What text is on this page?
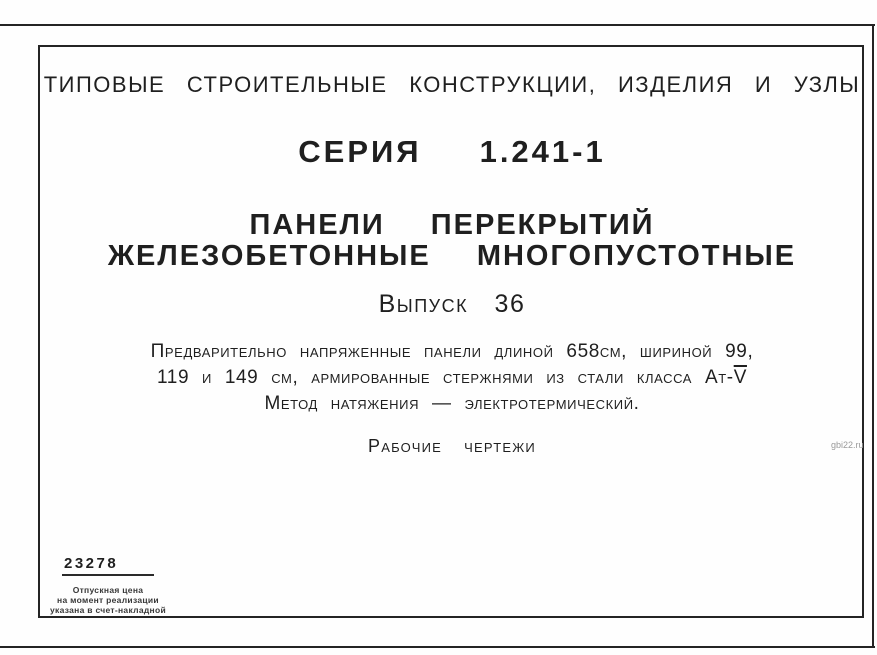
ТИПОВЫЕ СТРОИТЕЛЬНЫЕ КОНСТРУКЦИИ, ИЗДЕЛИЯ И УЗЛЫ
СЕРИЯ 1.241-1
ПАНЕЛИ ПЕРЕКРЫТИЙ
ЖЕЛЕЗОБЕТОННЫЕ МНОГОПУСТОТНЫЕ
Выпуск 36
Предварительно напряженные панели длиной 658см, шириной 99,
119 и 149 см, армированные стержнями из стали класса $Ат-\overline{V}$
Метод натяжения — электротермический.
Рабочие чертежи
23278
Отпускная цена
на момент реализации
указана в счет-накладной
gbi22.ru
